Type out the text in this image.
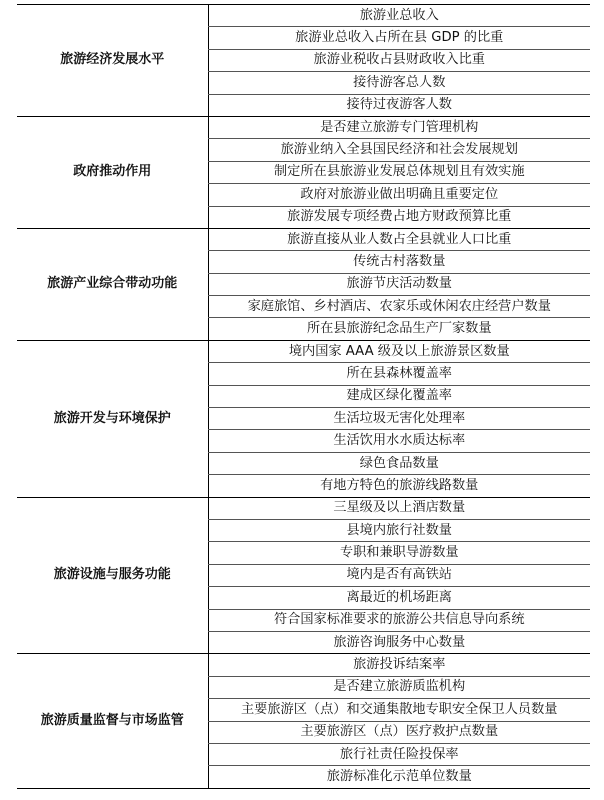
旅游经济发展水平	旅游业总收入
	旅游业总收入占所在县 GDP 的比重
	旅游业税收占县财政收入比重
	接待游客总人数
	接待过夜游客人数
政府推动作用	是否建立旅游专门管理机构
	旅游业纳入全县国民经济和社会发展规划
	制定所在县旅游业发展总体规划且有效实施
	政府对旅游业做出明确且重要定位
	旅游发展专项经费占地方财政预算比重
旅游产业综合带动功能	旅游直接从业人数占全县就业人口比重
	传统古村落数量
	旅游节庆活动数量
	家庭旅馆、乡村酒店、农家乐或休闲农庄经营户数量
	所在县旅游纪念品生产厂家数量
旅游开发与环境保护	境内国家 AAA 级及以上旅游景区数量
	所在县森林覆盖率
	建成区绿化覆盖率
	生活垃圾无害化处理率
	生活饮用水水质达标率
	绿色食品数量
	有地方特色的旅游线路数量
旅游设施与服务功能	三星级及以上酒店数量
	县境内旅行社数量
	专职和兼职导游数量
	境内是否有高铁站
	离最近的机场距离
	符合国家标准要求的旅游公共信息导向系统
	旅游咨询服务中心数量
旅游质量监督与市场监管	旅游投诉结案率
	是否建立旅游质监机构
	主要旅游区（点）和交通集散地专职安全保卫人员数量
	主要旅游区（点）医疗救护点数量
	旅行社责任险投保率
	旅游标准化示范单位数量
